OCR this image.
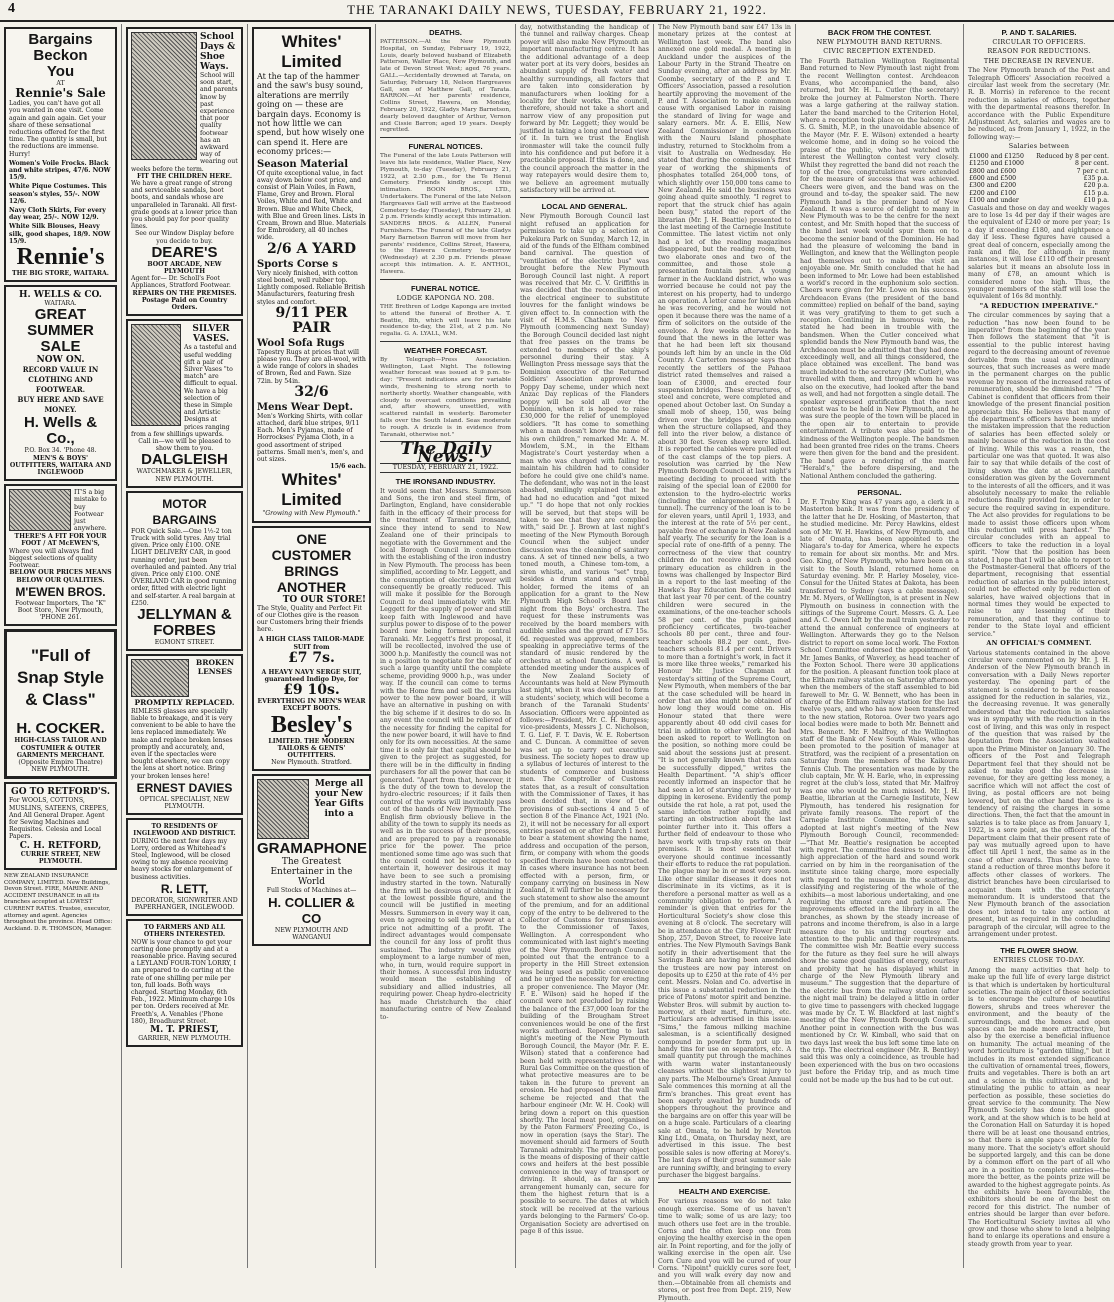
4	THE TARANAKI DAILY NEWS, TUESDAY, FEBRUARY 21, 1922.
Bargains Beckon
You
AT
Rennie's Sale
Ladies, you can't have got all you wanted in one visit. Come again and gain again. Get your share of these sensational reductions offered for the first time. The quantity is small, but the reductions are immense. Hurry!
Women's Voile Frocks. Black and white stripes, 47/6. NOW 15/9.
White Pique Costumes. This season's styles, 55/-. NOW 12/6.
Navy Cloth Skirts, For every day wear, 25/-. NOW 12/9.
White Silk Blouses, Heavy silk, good shapes, 18/9. NOW 15/9.
Rennie's
THE BIG STORE, WAITARA.
H. WELLS & CO.
WAITARA.
GREAT SUMMER SALE
NOW ON.
RECORD VALUE IN CLOTHING AND FOOTWEAR.
BUY HERE AND SAVE MONEY.
H. Wells & Co.,
P.O. Box 34. 'Phone 48.
MEN'S & BOYS' OUTFITTERS, WAITARA AND INGLEWOOD
IT'S a big mistake to buy Footwear just anywhere.
THERE'S A FIT FOR YOUR FOOT / AT McEWEN'S,
Where you will always find biggest selections of quality Footwear.
BELOW OUR PRICES MEANS BELOW OUR QUALITIES.
M'EWEN BROS.
Footwear Importers, The "K" Boot Store, New Plymouth, 'PHONE 261.
"Full of Snap Style & Class"
H. COCKER.
HIGH-CLASS TAILOR AND COSTUMIER & OUTER GARMENTS MERCHANT.
(Opposite Empire Theatre) NEW PLYMOUTH.
GO TO RETFORD'S.
For WOOLS, COTTONS, MUSLINS, SATEENS, CREPES, And All General Draper. Agent for Sewing Machines and Requisites. Celesia and Local Papers.
C. H. RETFORD,
CURRIE STREET, NEW PLYMOUTH.
NEW ZEALAND INSURANCE COMPANY, LIMITED. New Buildings, Devon Street. FIRE, MARINE AND ACCIDENT INSURANCE in all its branches accepted at LOWEST CURRENT RATES. Trustee, executor, attorney and agent. Agencies throughout the province. Head Office: Auckland. D. R. THOMSON, Manager.
School Days & Shoe Ways.
School will soon start, and parents know by past experience that poor quality footwear has an awkward way of wearing out weeks before the term.
FIT THE CHILDREN HERE.
We have a great range of strong and serviceable sandals, boot boots, and sandals whose are unparalleled in Taranaki. All first-grade goods at a lower price than you should pay for poor quality lines.
See our Window Display before you decide to buy.
DEARE'S
BOOT ARCADE, NEW PLYMOUTH
Agent for— Dr. Scholl's Foot Appliances, Stratford Footwear.
REPAIRS ON THE PREMISES. Postage Paid on Country Orders.
SILVER VASES.
As a tasteful and useful wedding gift a pair of Silver Vases "to match" are difficult to equal. We have a big selection of these in Simple and Artistic Designs at prices ranging from a few shillings upwards.
Call in—we will be pleased to show them to you.
DALGLEISH
WATCHMAKER & JEWELLER, NEW PLYMOUTH.
MOTOR BARGAINS
FOR Quick Sale.—One 1½-2 ton Truck with solid tyres. Any trial given. Price only £100. ONE LIGHT DELIVERY CAR, in good running order, just been overhauled and painted. Any trial given. Price only £100. ONE OVERLAND CAR in good running order, fitted with electric light and self-starter. A real bargain at £250.
JELLYMAN & FORBES
EGMONT STREET.
BROKEN LENSES PROMPTLY REPLACED.
RIMLESS glasses are specially liable to breakage, and it is very convenient to be able to have the lens replaced immediately. We make and replace broken lenses promptly and accurately, and, even if the spectacles were bought elsewhere, we can copy the lens at short notice. Bring your broken lenses here!
ERNEST DAVIES
OPTICAL SPECIALIST, NEW PLYMOUTH.
TO RESIDENTS OF INGLEWOOD AND DISTRICT.
DURING the next few days my Lorry, ordered as Whitehead's Steel, Inglewood, will be closed owing to my absence receiving heavy stocks for enlargement of business activities.
R. LETT,
DECORATOR, SIGNWRITER AND PAPERHANGER, INGLEWOOD.
TO FARMERS AND ALL OTHERS INTERESTED.
NOW is your chance to get your carting done promptly and at a reasonable price. Having secured a LEYLAND FOUR-TON LORRY, I am prepared to do carting at the rate of one shilling per mile per ton, full loads. Both ways charged. Starting Monday, 6th Feb., 1922. Minimum charge 10s per ton. Orders received at Mr. Freeth's, A. Venables ('Phone 180), Broadhurst Street.
M. T. PRIEST,
GARRIER, NEW PLYMOUTH.
Whites' Limited
At the tap of the hammer and the saw's busy sound, alterations are merrily going on — these are bargain days. Economy is not how little we can spend, but how wisely one can spend it. Here are economy prices:—
Season Material
Of quite exceptional value, in fact away down below cost price, and consist of Plain Voiles, in Fawn, Flame, Grey and Brown. Floral Voiles, White and Red, White and Brown. Blue and White Check, with Blue and Green lines. Lists in Cream, Brown and Blue. Materials for Embroidery, all 40 inches wide.
2/6 A YARD
Sports Corse s
Very nicely finished, with cotton steel boned, well rubber top. Lightly composed. Reliable British Manufacturers, featuring fresh styles and comfort.
9/11 PER PAIR
Wool Sofa Rugs
Tapestry Rugs at prices that will please you. They are all-wool, with a wide range of colors in shades of Brown, Red and Fawn. Size 72in. by 54in.
32/6
Mens Wear Dept.
Men's Working Shirts, with collar attached, dark blue stripes, 9/11 Each. Men's Pyjamas, made of Horrockses' Pyjama Cloth, in a good assortment of striped patterns. Small men's, men's, and out sizes.
15/6 each.
Whites' Limited
"Growing with New Plymouth."
ONE CUSTOMER BRINGS ANOTHER
TO OUR STORE!
The Style, Quality and Perfect Fit of our Clothes give is the reason our Customers bring their friends here.
A HIGH CLASS TAILOR-MADE SUIT from
£7 7s.
A HEAVY NAVY SERGE SUIT, guaranteed Indigo Dye, for
£9 10s.
EVERYTHING IN MEN'S WEAR EXCEPT BOOTS.
Besley's
LIMITED. THE MODERN TAILORS & GENTS' OUTFITTERS.
New Plymouth. Stratford.
Merge all your New Year Gifts into a
GRAMAPHONE
The Greatest Entertainer in the World
Full Stocks of Machines at—
H. COLLIER & CO
NEW PLYMOUTH AND WANGANUI
DEATHS.
PATTERSON.—At the New Plymouth Hospital, on Sunday, February 19, 1922, Louis, dearly beloved husband of Elizabeth Patterson, Waller Place, New Plymouth, and late of Devon Street West; aged 76 years. GALL.—Accidentally drowned at Tarata, on Saturday, February 18, Nelson Hargreaves Gall, son of Matthew Gall, of Tarata. BARRON.—At her parents' residence, Collins Street, Hawera, on Monday, February 20, 1922, Gladys Mary Barnetson, dearly beloved daughter of Arthur, Vernon and Cissie Barron; aged 19 years. Deeply regretted.
FUNERAL NOTICES.
The Funeral of the late Louis Patterson will leave his late residence, Waller Place, New Plymouth, to-day (Tuesday), February 21, 1922, at 2.30 p.m., for the Te Henui Cemetery. Friends kindly accept this intimation. BOON BROS., LTD., Undertakers. The Funeral of the late Nelson Hargreaves Gall will arrive at the Eastwood Cemetery to-day (Tuesday), February 21, at 2 p.m. Friends kindly accept this intimation. SANDERS BROS. & ALLEN, Funeral Furnishers. The Funeral of the late Gladys Mary Barnetson Barron will move from her parents' residence, Collins Street, Hawera, to the Hawera Cemetery to-morrow (Wednesday) at 2.30 p.m. Friends please accept this intimation. A. E. ANTHOL, Hawera.
FUNERAL NOTICE.
LODGE KAPONGA NO. 208.
THE Brethren of Lodge Kaponga are invited to attend the funeral of Brother A. T. Beattie, 8th, which will leave his late residence to-day, the 21st, at 2 p.m. No regalia. G. A. LYALL, W.M.
WEATHER FORECAST.
By Telegraph—Press Association. Wellington, Last Night. The following weather forecast was issued at 9 p.m. to-day: "Present indications are for variable winds, freshening to strong north to northerly shortly. Weather changeable, with cloudy to overcast conditions prevailing and, after showers, unsettled, with scattered rainfall in westerly. Barometer falls over the South Island. Seas moderate to rough. A drizzle is in evidence from Taranaki, otherwise not."
The Daily News.
TUESDAY, FEBRUARY 21, 1922.
THE IRONSAND INDUSTRY.
It would seem that Messrs. Summerson and Sons, the iron and steel firm, of Darlington, England, have considerable faith in the efficacy of their process for the treatment of Taranaki ironsand, since they intend to send to New Zealand one of their principals to negotiate with the Government and the local Borough Council in connection with the establishing of the iron industry in New Plymouth. The process has been simplified, according to Mr. Leggett, and the consumption of electric power will consequently be greatly reduced. This will make it possible for the Borough Council to deal immediately with Mr. Leggett for the supply of power and still keep faith with Inglewood and have surplus power to dispose of to the power board now being formed in central Taranaki. Mr. Leggett's first proposal, it will be recollected, involved the use of 3000 h.p. Manifestly the council was not in a position to negotiate for the sale of such a large quantity until the complete scheme, providing 9000 h.p., was under way. If the council can come to terms with the Home firm and sell the surplus power to the new power board, it will have an alternative in pushing on with the big scheme if it desires to do so. In any event the council will be relieved of the necessity for finding the capital for the new power board, it will have to find only for its own necessities. At the same time it is only fair that capital should be given to the project as suggested, for there will be in the difficulty in finding purchasers for all the power that can be generated. "Apart from that, however, it is the duty of the town to develop the hydro-electric resources; if it fails then control of the works will inevitably pass out of the hands of New Plymouth. The English firm obviously believe in the ability of the town to supply its needs as well as in the success of their process, and are prepared to pay a reasonable price for the power. The price mentioned some time ago was such that the council could not be expected to entertain it, however desirous it may have been to see such a promising industry started in the town. Naturally the firm will be desirous of obtaining it at the lowest possible figure, and the council will be justified in meeting Messrs. Summerson in every way it can, even to agreeing to sell the power at a price not admitting of a profit. The indirect advantages would compensate the council for any loss of profit thus sustained. The industry would give employment to a large number of men, who, in turn, would require support in their homes. A successful iron industry would mean the establishing of subsidiary and allied industries, all requiring power. Cheap hydro-electricity has made Christchurch the chief manufacturing centre of New Zealand to-
day, notwithstanding the handicap of the tunnel and railway charges. Cheap power will also make New Plymouth an important manufacturing centre. It has the additional advantage of a deep water port at its very doors, besides an abundant supply of fresh water and healthy surroundings, all factors that are taken into consideration by manufacturers when looking for a locality for their works. The council, therefore, should not take a short and narrow view of any proposition put forward by Mr. Leggett; they would be justified in taking a long and broad view of it. In turn we trust the English ironmaster will take the council fully into his confidence and put before it a practicable proposal. If this is done, and the council approach the matter in the way ratepayers would desire them to, we believe an agreement mutually satisfactory will be arrived at.
LOCAL AND GENERAL.
New Plymouth Borough Council last night refused an application for permission to take up a selection at Pukekura Park on Sunday, March 12, in aid of the funds of the Eltham combined band carnival. The question of "ventilation of the electric bus" was brought before the New Plymouth Borough Council last night. A report was received that Mr. C. V. Griffiths in was decided that the reconciliation of the electrical engineer to substitute louvres for the fanlight windows be given effect to. In connection with the visit of H.M.S. Chatham to New Plymouth (commencing next Sunday) the Borough Council decided last night that free passes on the trams be extended to members of the ship's personnel during their stay. A Wellington Press message says that the Dominion executive of the Returned Soldiers' Association approved the Poppy Day scheme, under which next Anzac Day replicas of the Flanders poppy will be sold all over the Dominion, when it is hoped to raise £30,000 for the relief of unemployed soldiers. "It has come to something when a man doesn't know the name of his own children," remarked Mr. A. M. Mowlem, S.M., in the Eltham Magistrate's Court yesterday when a man who was charged with failing to maintain his children had to consider before he could give one child's name. The defendant, who was not in the least abashed, smilingly explained that he had had no education and "got mixed up." "I do hope that not only rockies will be served, but that steps will be taken to see that they are complied with," said Dr. J. Brown at last night's meeting of the New Plymouth Borough Council when the subject under discussion was the cleaning of sanitary cans. A set of tinned new bells, a two toned mouth, a Chinese tom-tom, a siren whistle, and various "set" trap, besides a drum stand and cymbal holder, formed the items of an application for a grant to the New Plymouth High School's Board last night from the Boys' orchestra. The request for these instruments was received by the board members with audible smiles and the grant of £7 15s. 6d. requested was approved, members speaking in appreciative terms of the standard of music rendered by the orchestra at school functions. A well attended meeting under the auspices of the New Zealand Society of Accountants was held at New Plymouth last night, when it was decided to form a students' society, which will become a branch of the Taranaki Students' Association. Officers were appointed as follows:—President, Mr. C. H. Burgess; vice-presidents, Messrs J. C. Nicholson, T. G. Lief, F. T. Davis, W. E. Robertson and C. Duncan. A committee of seven was set up to carry out executive business. The society hopes to draw up a syllabus of lectures of interest to the students of commerce and business men. The Comptroller of Customs states that, as a result of consultation with the Commissioner of Taxes, it has been decided that, in view of the provisions of sub-sections 4 and 5 of section 8 of the Finance Act, 1921 (No. 2), it will not be necessary for all export entries passed on or after March 1 next to bear a statement showing the name, address and occupation of the person, firm, or company with whom the goods specified therein have been contracted. In cases where insurance has not been effected with a person, firm, or company carrying on business in New Zealand, it will further be necessary for such statement to show also the amount of the premium, and for an additional copy of the entry to be delivered to the Collector of Customs for transmission to the Commissioner of Taxes, Wellington. A correspondent who communicated with last night's meeting of the New Plymouth Borough Council pointed out that the entrance to a property in the Hill Street extension was being used as public convenience and he urged the necessity for erecting a proper convenience. The Mayor (Mr. F. E. Wilson) said he hoped if the council were not precluded by raising the balance of the £37,000 loan for the building of the Brougham Street conveniences would be one of the first works authorised. Reporting to last night's meeting of the New Plymouth Borough Council, the Mayor (Mr. F. E. Wilson) stated that a conference had been held with representatives of the Rural Gas Committee on the question of what protective measures are to be taken in the future to prevent an erosion. He had proposed that the wall scheme be rejected and that the harbour engineer (Mr. W. H. Cook) will bring down a report on this question shortly. The local meat pool, organised by the Paton Farmers' Freezing Co., is now in operation (says the Star). The movement should aid farmers of South Taranaki admirably. The primary object is the means of disposing of their cattle cows and heifers at the best possible convenience in the way of transport or driving. It should, as far as any arrangement humanly can, secure for them the highest return that is a possible to secure. The dates at which stock will be received at the various yards belonging to the Farmers' Co-op. Organisation Society are advertised on page 8 of this issue.
The New Plymouth band saw £47 13s in monetary prizes at the contest at Wellington last week. The band also annexed one gold medal. A meeting in Auckland under the auspices of the Labour Party in the Strand Theatre on Sunday evening, after an address by Mr. Coombe, secretary of the P. and T. Officers' Association, passed a resolution heartily approving the movement of the P. and T. Association to make common cause with organised Labor in raising the standard of living for wage and salary earners. Mr. A. E. Ellis, New Zealand Commissioner in connection with the Nauru Island phosphate industry, returned to Stockholm from a visit to Australia on Wednesday. He stated that during the commission's first year of working the shipments of phosphates totalled 264,000 tons, of which slightly over 150,000 tons came to New Zealand. He said the business was going ahead quite smoothly. "I regret to report that the struck chief has again been busy," stated the report of the librarian (Mr. J. H. Beattie) presented to the last meeting of the Carnegie Institute Committee. The latest victim not only had a lot of the reading magazines disappeared, but the reading room, but two elaborate ones and two of the committee, and those stole a presentation fountain pen. A young farmer in the Auckland district, who was worried because he could not pay the interest on his property, had to undergo an operation. A letter came for him when he was recovering, and he would not open it because there was the name of a firm of solicitors on the outside of the envelope. A few weeks afterwards he found that the news in the letter was that he had been left six thousand pounds left him by an uncle in the Old Country. A Carterton message says that recently the settlers of the Pahaoa district rated themselves and raised a loan of £3000, and erected four suspension bridges. These structures, of steel and concrete, were completed and opened about October last. On Sunday a small mob of sheep, 150, was being driven over the bridges at Ngapaona when the structure collapsed, and they fell into the river below, a distance of about 30 feet. Seven sheep were killed. It is reported the cables were pulled out of the cast clamps of the top piers. A resolution was carried by the New Plymouth Borough Council at last night's meeting deciding to proceed with the raising of the special loan of £2000 for extension to the hydro-electric works (including the enlargement of No. 1 tunnel). The currency of the loan is to be for eleven years, until April 1, 1933, and the interest at the rate of 5½ per cent., payable free of exchange in New Zealand half yearly. The security for the loan is a special rate of one-fifth of a penny. The correctness of the view that country children do not receive such a good primary education as children in the towns was challenged by Inspector Bird in a report to the last meeting of the Hawke's Bay Education Board. He said that last year 70 per cent. of the country children were secured in the examinations, of the one-teacher schools 58 per cent. of the pupils gained proficiency certificates, two-teacher schools 80 per cent., three and four-teacher schools 88.2 per cent., five-teachers schools 81.4 per cent. Drivers to more than a fortnight's work, in fact it is more like three weeks," remarked his Honour Mr. Justice Chapman at yesterday's sitting of the Supreme Court, New Plymouth, when members of the bar at the case scheduled will be heard in order that an idea might be obtained of how long they would come on. His Honour stated that there were apparently about 40 odd civil cases for trial in addition to other work. He had been asked to report to Wellington on the position, so nothing more could be said about the sessions just at present. "It is not generally known that rats can be successfully dipped," writes the Health Department. "A ship's officer recently informed an inspector that he had seen a lot of starving carried out by dipping in kerosene. Evidently the pomp outside the rat hole, a rat pot, used the same infection rather rapidly, and starting an obstruction about the last pointer further into it. This offers a further field of endeavour to those who have work with trap-shy rats on their premises. It is most essential that everyone should continue incessantly their efforts to reduce the rat population. The plague may be in or most very soon. Like other similar diseases it does not discriminate in its victims, as it is therefore a personal matter as well as a community obligation to perform." A reminder is given that entries for the Horticultural Society's show close this evening at 8 o'clock. The secretary will be in attendance at the City Flower Fruit Shop, 257, Devon Street, to receive late entries. The New Plymouth Savings Bank notify in their advertisement that the Savings Bank are having been amended the trustees are now pay interest on deposits up to £250 at the rate of 4½ per cent. Messrs. Nolan and Co. advertise in this issue a substantial reduction in the price of Patons' motor spirit and benzine. Webster Bros. will submit by auction to-morrow, at their mart, furniture, etc. Particulars are advertised in this issue. "Sims," the famous milking machine salesman, is a scientifically designed compound in powder form put up in handy tins for use on separators, etc. A small quantity put through the machines with warm water instantaneously cleanses without the slightest injury to any parts. The Melbourne's Great Annual Sale commences this morning at all the firm's branches. This great event has been eagerly awaited by hundreds of shoppers throughout the province and the bargains are on offer this year will be on a huge scale. Particulars of a clearing sale at Omata, to be held by Newton King Ltd., Omata, on Thursday next, are advertised in this issue. The best possible sales is now offering at Morey's. The last days of their great summer sale are running swiftly, and bringing to every purchaser the biggest bargains.
HEALTH AND EXERCISE.
For various reasons we do not take enough exercise. Some of us haven't time to walk; some of us are lazy; too much others use feet are in the trouble. Corns and the often keep one from enjoying the healthy exercise in the open air. In Point reporting, and for the jolly of walking exercise in the open air. Use Corn Cure and you will be cured of your Corns. "Nipoint" quickly cures sore feet, and you will walk every day now and then.—Obtainable from all chemists and stores, or post free from Dept. 219, New Plymouth.
BACK FROM THE CONTEST.
NEW PLYMOUTH BAND RETURNS.
CIVIC RECEPTION EXTENDED.
The Fourth Battalion Wellington Regimental Band returned to New Plymouth last night from the recent Wellington contest. Archdeacon Evans, who accompanied the band, also returned, but Mr. H. L. Cutler (the secretary) broke the journey at Palmerston North. There was a large gathering at the railway station. Later the band marched to the Criterion Hotel, where a reception took place on the balcony. Mr. S. G. Smith, M.P., in the unavoidable absence of the Mayor (Mr. F. E. Wilson) extended a hearty welcome home, and in doing so he voiced the praise of the public, who had watched with interest the Wellington contest very closely. Whilst they regretted the band did not reach the top of the tree, congratulations were extended for the measure of success that was achieved. Cheers were given, and the band was on the ground and to-day, the speaker said. The new Plymouth band is the premier band of New Zealand. It was a source of delight to many in New Plymouth was to be the centre for the next contest, and Mr. Smith hoped that the success of the band last week would spur them on to become the senior band of the Dominion. He had had the pleasure of welcoming the band in Wellington, and knew that the Wellington people had themselves out to make the visit an enjoyable one. Mr. Smith concluded that he had been informed to Mr. Lowe had been established a world's record in the euphonium solo section. Cheers were given for Mr. Lowe on his success. Archdeacon Evans (the president of the band committee) replied on behalf of the band, saying it was very gratifying to them to get such a reception. Continuing in humorous vein, he stated he had been in trouble with the bandsmen. When the Cutler conceived what splendid bands the New Plymouth band was, the Archdeacon must be admitted that they had done exceedingly well, and all things considered, the place obtained was excellent. The band was much indebted to the secretary (Mr. Cutler), who travelled with them, and through whom he was also on the executive, had looked after the band as well, and had not forgotten a single detail. The speaker expressed gratification that the next contest was to be held in New Plymouth, and he was sure the people of the town will be placed in the open air to entertain to provide entertainment. A tribute was also paid to the kindness of the Wellington people. The bandsmen had been granted free rides on the trams. Cheers were then given for the band and the president. The band gave a rendering of the march "Herald's," the before dispersing, and the National Anthem concluded the gathering.
PERSONAL.
Dr. F. Truby King was 47 years ago, a clerk in a Masterton bank. It was from the presidency of the latter that he Dr. Hosking, of Masterton, that he studied medicine. Mr. Percy Hawkins, eldest son of Mr. W. H. Hawkins, of New Plymouth, and late of Omata, has been appointed to the Niagara's to-day for America, where he expects to remain for about six months. Mr. and Mrs. Geo. King, of New Plymouth, who have been on a visit to the South Island, returned home on Saturday evening. Mr. P. Harley Moseley, vice-Consul for the United States at Dakota, has been transferred to Sydney (says a cable message). Mr. M. Myers, of Wellington, is at present in New Plymouth on business in connection with the sittings of the Supreme Court. Messrs. G. A. Lee and A. C. Owen left by the mail train yesterday to attend the annual conference of engineers at Wellington. Afterwards they go to the Nelson district to report on some local work. The Foxton School Committee endorsed the appointment of Mr. James Banks, of Waverley, as head teacher of the Foxton School. There were 30 applications for the position. A pleasant function took place at the Eltham railway station on Saturday afternoon when the members of the staff assembled to bid farewell to Mr. G. W. Bennett, who has been in charge of the Eltham railway station for the last twelve years, and who has now been transferred to the new station, Rotoroa. Over two years ago local bodies were made to both Mr. Bennett and Mrs. Bennett. Mr. F. Malfroy, of the Wellington staff of the Bank of New South Wales, who has been promoted to the position of manager at Stratford, was the recipient of a presentation on Saturday from the members of the Kaikoura Tennis Club. The presentation was made by the club captain, Mr. W. H. Earle, who, in expressing regret at the club's loss, stated that Mr. Malfroy was one who would be much missed. Mr. J. H. Beattie, librarian at the Carnegie Institute, New Plymouth, has tendered his resignation for private family reasons. The report of the Carnegie Institute Committee, which was adopted at last night's meeting of the New Plymouth Borough Council, recommended:—"That Mr. Beattie's resignation be accepted with regret. The committee desires to record its high appreciation of the hard and sound work carried on by him in the reorganisation of the institute since taking charge, more especially with regard to the museum in the scattering, classifying and registering of the whole of the exhibits—a most laborious undertaking, and one requiring the utmost care and patience. The improvements effected in the library in all the branches, as shown by the steady increase of patrons and income therefrom, is also in a large measure due to his untiring courtesy and attention to the public and their requirements. The committee wish Mr. Beattie every success for the future as they feel sure he will always show the same good qualities of energy, courtesy and probity that he has displayed whilst in charge of the New Plymouth library and museum." The suggestion that the departure of the electric bus from the railway station (after the night mail train) be delayed a little in order to give time to passengers with checked luggage was made by Cr. T. W. Blackford at last night's meeting of the New Plymouth Borough Council. Another point in connection with the bus was mentioned by Cr. W. Kimball, who said that on two days last week the bus left some time late on the trip. The electrical engineer (Mr. R. Bentley) said this was only a coincidence, as trouble had been experienced with the bus on two occasions just before the Friday trip, and as much time could not be made up the bus had to be cut out.
P. AND T. SALARIES.
CIRCULAR TO OFFICERS.
REASON FOR REDUCTIONS.
THE DECREASE IN REVENUE.
The New Plymouth branch of the Post and Telegraph Officers' Association received a circular last week from the secretary (Mr. R. B. Morris) in reference to the recent reduction in salaries of officers, together with the departmental reasons therefor. In accordance with the Public Expenditure Adjustment Act, salaries and wages are to be reduced, as from January 1, 1922, in the following way:—
Salaries between
£1000 and £1250	Reduced by 8 per cent.
£1250 and £1000	8 per cent.
£800 and £600	7 per c nt.
£600 and £500	£35 p.a.
£300 and £200	£20 p.a.
£200 and £100	£15 p.a.
£100 and under	£10 p.a.
Casuals and those on day and weekly wages are to lose 1s 4d per day if their wages are the equivalent of £240 or more per year; 1s a day if exceeding £180, and eightpence a day if less. These figures have caused a great deal of concern, especially among the rank and file, for although in many instances, it will lose £110 off their present salaries but it means an absolute loss in many of £78, an amount which is considered none too high. Thus, the younger members of the staff will lose the equivalent of 16s 8d monthly.
"A REDUCTION IMPERATIVE."
The circular commences by saying that a reduction "has now been found to be imperative" from the beginning of the year. Then follows the statement that "it is essential to the public interest having regard to the decreasing amount of revenue derivable from the usual and ordinary sources, that such increases as were made in the permanent charges on the public revenue by reason of the increased rates of remuneration, should be diminished." "The Cabinet is confident that officers from their knowledge of the present financial position appreciate this. He believes that many of the department's officers have been under the mistaken impression that the reduction of salaries has been effected solely or mainly because of the reduction in the cost of living. While this was a reason, the particular one was that quoted. It was also fair to say that while details of the cost of living shown the date at each careful consideration was given by the Government to the interests of all the officers, and it was absolutely necessary to make the reliable reductions finally provided for, in order to secure the required saving in expenditure. The Act also provides for regulations to be made to assist those officers upon whom this reduction will press hardest." The circular concludes with an appeal to officers to take the reduction in a loyal spirit. "Now that the position has been stated, I hope that I will be able to report to the Postmaster-General that officers of the department, recognising that essential reduction of salaries in the public interest, could not be effected only by reduction of salaries, have waived objections that in normal times they would be expected to raise to any lessening of their remuneration, and that they continue to render to the State loyal and efficient service."
AN OFFICIAL'S COMMENT.
Various statements contained in the above circular were commented on by Mr. J. H. Anderson of the New Plymouth branch in conversation with a Daily News reporter yesterday. The opening part of the statement is considered to be the reason assigned for the reduction in salaries, viz., the decreasing revenue. It was generally understood that the reduction in salaries was in sympathy with the reduction in the cost of living, and this was only in respect of the question that was raised by the deputation from the Association waited upon the Prime Minister on January 30. The officers of the Post and Telegraph Department feel that they should not be asked to make good the decrease in revenue, for they are getting less money, a sacrifice which will not affect the cost of living, as postal officers are not being lowered, but on the other hand there is a tendency of raising the charges in some directions. Then, the fact that the amount in salaries is to take place as from January 1, 1922, is a sore point, as the officers of the Department claim that their present rate of pay was mutually agreed upon to have effect till April 1 next, the same as in the case of other awards. Thus they have to stand a reduction of three months before it affects other classes of workers. The district branches have been circularised to acquaint them with the secretary's memorandum. It is understood that the New Plymouth branch of the association does not intend to take any action at present, but as required in the concluding paragraph of the circular, will agree to the arrangement under protest.
THE FLOWER SHOW.
ENTRIES CLOSE TO-DAY.
Among the many activities that help to make up the full life of every large district is that which is undertaken by horticultural societies. The main object of these societies is to encourage the culture of beautiful flowers, shrubs and trees wherever the environment, and the beauty of the surroundings, and the homes and open spaces can be made more attractive, but also by the exercise a beneficial influence on humanity. The actual meaning of the word horticulture is "garden tilling," but it includes in its most extended significance the cultivation of ornamental trees, flowers, fruits and vegetables. There is both an art and a science in this cultivation, and by stimulating the public to attain as near perfection as possible, these societies do great service to the community. The New Plymouth Society has done much good work, and at the show which is to be held at the Coronation Hall on Saturday it is hoped there will be at least one thousand entries, so that there is ample space available for many more. That the society's effort should be supported largely, and this can be done by a common effort on the part of all who are in a position to complete entries—the more the better, as the points prize will be awarded to the highest aggregate points. As the exhibits have been favourable, the exhibitors should be one of the best on record for this district. The number of entries should be larger than ever before. The Horticultural Society invites all who grow and those who show to lend a helping hand to enlarge its operations and ensure a steady growth from year to year.
